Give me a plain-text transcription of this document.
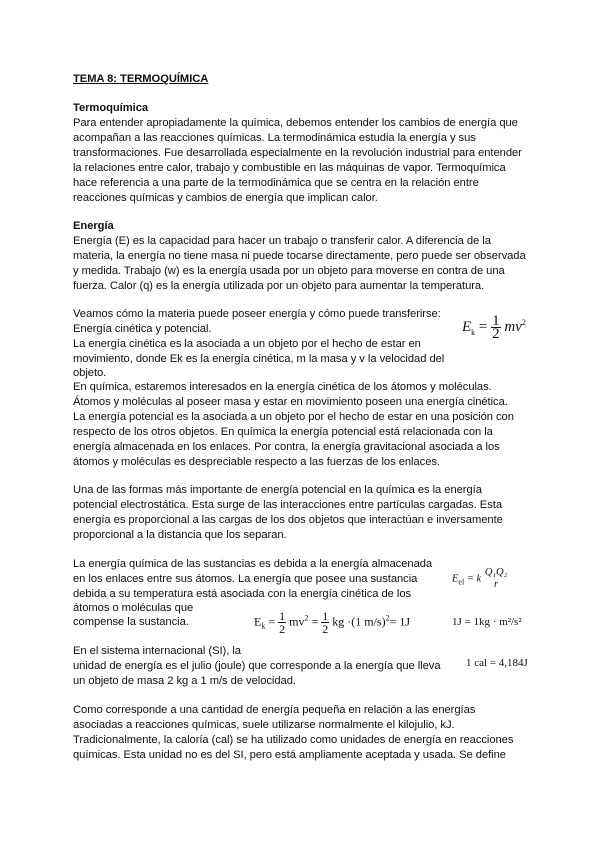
TEMA 8: TERMOQUÍMICA
Termoquímica
Para entender apropiadamente la química, debemos entender los cambios de energía que
acompañan a las reacciones químicas. La termodinámica estudia la energía y sus
transformaciones. Fue desarrollada especialmente en la revolución industrial para entender
la relaciones entre calor, trabajo y combustible en las máquinas de vapor. Termoquímica
hace referencia a una parte de la termodinámica que se centra en la relación entre
reacciones químicas y cambios de energía que implican calor.
Energía
Energía (E) es la capacidad para hacer un trabajo o transferir calor. A diferencia de la
materia, la energía no tiene masa ni puede tocarse directamente, pero puede ser observada
y medida. Trabajo (w) es la energía usada por un objeto para moverse en contra de una
fuerza. Calor (q) es la energía utilizada por un objeto para aumentar la temperatura.
Veamos cómo la materia puede poseer energía y cómo puede transferirse:
Energía cinética y potencial.
La energía cinética es la asociada a un objeto por el hecho de estar en
movimiento, donde Ek es la energía cinética, m la masa y v la velocidad del
objeto.
En química, estaremos interesados en la energía cinética de los átomos y moléculas.
Átomos y moléculas al poseer masa y estar en movimiento poseen una energía cinética.
La energía potencial es la asociada a un objeto por el hecho de estar en una posición con
respecto de los otros objetos. En química la energía potencial está relacionada con la
energía almacenada en los enlaces. Por contra, la energía gravitacional asociada a los
átomos y moléculas es despreciable respecto a las fuerzas de los enlaces.
Una de las formas más importante de energía potencial en la química es la energía
potencial electrostática. Esta surge de las interacciones entre partículas cargadas. Esta
energía es proporcional a las cargas de los dos objetos que interactúan e inversamente
proporcional a la distancia que los separan.
La energía química de las sustancias es debida a la energía almacenada
en los enlaces entre sus átomos. La energía que posee una sustancia
debida a su temperatura está asociada con la energía cinética de los
átomos o moléculas que
compense la sustancia.
En el sistema internacional (SI), la
unidad de energía es el julio (joule) que corresponde a la energía que lleva
un objeto de masa 2 kg a 1 m/s de velocidad.
Como corresponde a una cantidad de energía pequeña en relación a las energías
asociadas a reacciones químicas, suele utilizarse normalmente el kilojulio, kJ.
Tradicionalmente, la caloría (cal) se ha utilizado como unidades de energía en reacciones
químicas. Esta unidad no es del SI, pero está ampliamente aceptada y usada. Se define
$E_k = \frac{1}{2} mv^2$
$E_{el} = k$
Q₁Q₂
r
$E_k = \frac{1}{2} mv^2 = \frac{1}{2}$ kg ·(1 m/s)$^2$= 1J	1J = 1kg · m²/s²
1 cal = 4,184J
